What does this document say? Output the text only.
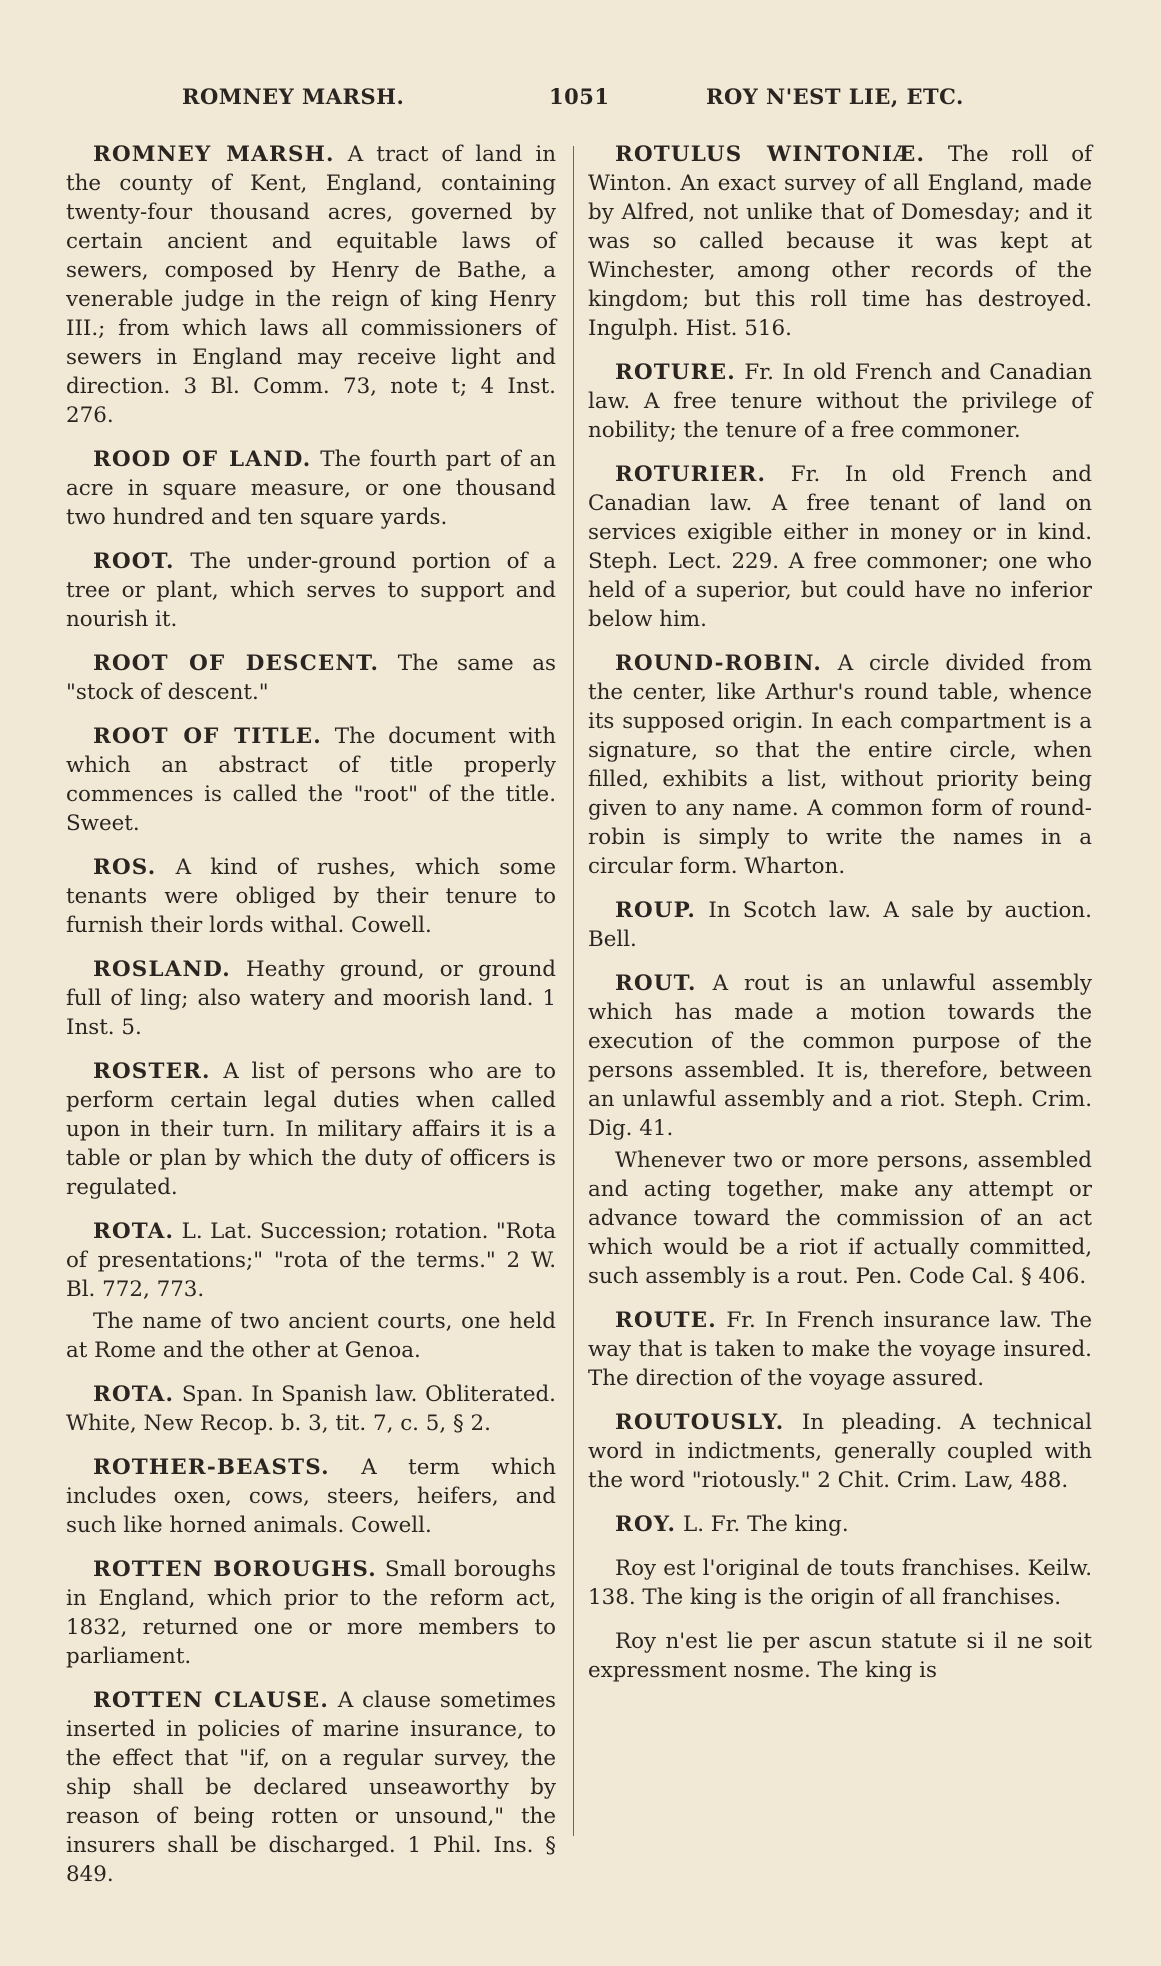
ROMNEY MARSH.	1051	ROY N'EST LIE, ETC.

ROMNEY MARSH. A tract of land in the county of Kent, England, containing twenty-four thousand acres, governed by certain ancient and equitable laws of sewers, composed by Henry de Bathe, a venerable judge in the reign of king Henry III.; from which laws all commissioners of sewers in England may receive light and direction. 3 Bl. Comm. 73, note t; 4 Inst. 276.

ROOD OF LAND. The fourth part of an acre in square measure, or one thousand two hundred and ten square yards.

ROOT. The under-ground portion of a tree or plant, which serves to support and nourish it.

ROOT OF DESCENT. The same as "stock of descent."

ROOT OF TITLE. The document with which an abstract of title properly commences is called the "root" of the title. Sweet.

ROS. A kind of rushes, which some tenants were obliged by their tenure to furnish their lords withal. Cowell.

ROSLAND. Heathy ground, or ground full of ling; also watery and moorish land. 1 Inst. 5.

ROSTER. A list of persons who are to perform certain legal duties when called upon in their turn. In military affairs it is a table or plan by which the duty of officers is regulated.

ROTA. L. Lat. Succession; rotation. "Rota of presentations;" "rota of the terms." 2 W. Bl. 772, 773.

The name of two ancient courts, one held at Rome and the other at Genoa.

ROTA. Span. In Spanish law. Obliterated. White, New Recop. b. 3, tit. 7, c. 5, § 2.

ROTHER-BEASTS. A term which includes oxen, cows, steers, heifers, and such like horned animals. Cowell.

ROTTEN BOROUGHS. Small boroughs in England, which prior to the reform act, 1832, returned one or more members to parliament.

ROTTEN CLAUSE. A clause sometimes inserted in policies of marine insurance, to the effect that "if, on a regular survey, the ship shall be declared unseaworthy by reason of being rotten or unsound," the insurers shall be discharged. 1 Phil. Ins. § 849.

ROTULUS WINTONIÆ. The roll of Winton. An exact survey of all England, made by Alfred, not unlike that of Domesday; and it was so called because it was kept at Winchester, among other records of the kingdom; but this roll time has destroyed. Ingulph. Hist. 516.

ROTURE. Fr. In old French and Canadian law. A free tenure without the privilege of nobility; the tenure of a free commoner.

ROTURIER. Fr. In old French and Canadian law. A free tenant of land on services exigible either in money or in kind. Steph. Lect. 229. A free commoner; one who held of a superior, but could have no inferior below him.

ROUND-ROBIN. A circle divided from the center, like Arthur's round table, whence its supposed origin. In each compartment is a signature, so that the entire circle, when filled, exhibits a list, without priority being given to any name. A common form of round-robin is simply to write the names in a circular form. Wharton.

ROUP. In Scotch law. A sale by auction. Bell.

ROUT. A rout is an unlawful assembly which has made a motion towards the execution of the common purpose of the persons assembled. It is, therefore, between an unlawful assembly and a riot. Steph. Crim. Dig. 41.

Whenever two or more persons, assembled and acting together, make any attempt or advance toward the commission of an act which would be a riot if actually committed, such assembly is a rout. Pen. Code Cal. § 406.

ROUTE. Fr. In French insurance law. The way that is taken to make the voyage insured. The direction of the voyage assured.

ROUTOUSLY. In pleading. A technical word in indictments, generally coupled with the word "riotously." 2 Chit. Crim. Law, 488.

ROY. L. Fr. The king.

Roy est l'original de touts franchises. Keilw. 138. The king is the origin of all franchises.

Roy n'est lie per ascun statute si il ne soit expressment nosme. The king is
